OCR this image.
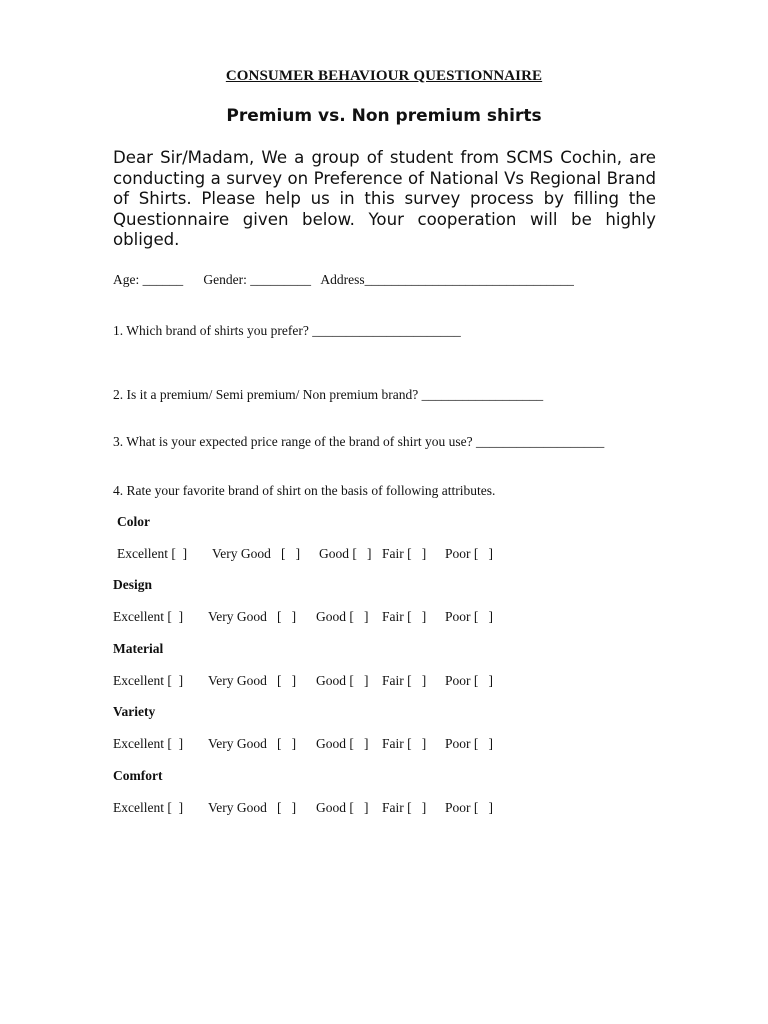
CONSUMER BEHAVIOUR QUESTIONNAIRE
Premium vs. Non premium shirts
Dear Sir/Madam, We a group of student from SCMS Cochin, are conducting a survey on Preference of National Vs Regional Brand of Shirts. Please help us in this survey process by filling the Questionnaire given below. Your cooperation will be highly obliged.
Age: ______      Gender: _________   Address_______________________________
1. Which brand of shirts you prefer? ______________________
2. Is it a premium/ Semi premium/ Non premium brand? __________________
3. What is your expected price range of the brand of shirt you use? ___________________
4. Rate your favorite brand of shirt on the basis of following attributes.
Color

Excellent [  ]

Very Good   [   ]

Good [   ]

Fair [   ]

Poor [   ]

Design

Excellent [  ]

Very Good   [   ]

Good [   ]

Fair [   ]

Poor [   ]

Material

Excellent [  ]

Very Good   [   ]

Good [   ]

Fair [   ]

Poor [   ]

Variety

Excellent [  ]

Very Good   [   ]

Good [   ]

Fair [   ]

Poor [   ]

Comfort

Excellent [  ]

Very Good   [   ]

Good [   ]

Fair [   ]

Poor [   ]
